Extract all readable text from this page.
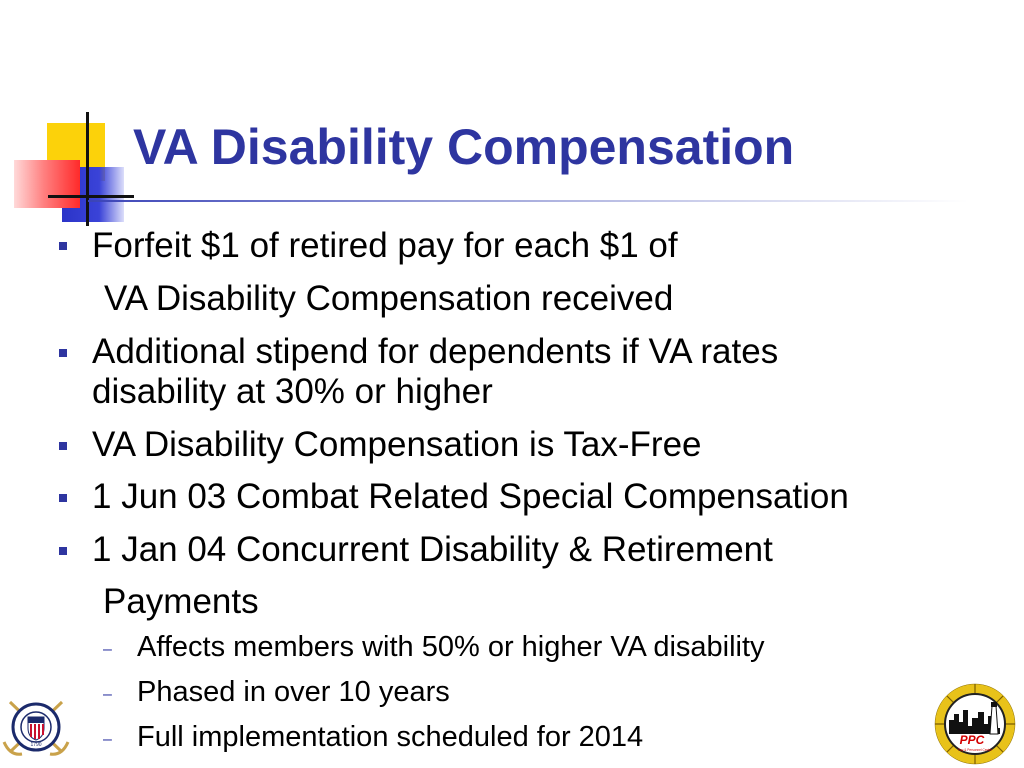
VA Disability Compensation
Forfeit $1 of retired pay for each $1 of
VA Disability Compensation received
Additional stipend for dependents if VA rates
disability at 30% or higher
VA Disability Compensation is Tax-Free
1 Jun 03 Combat Related Special Compensation
1 Jan 04 Concurrent Disability & Retirement
Payments
– Affects members with 50% or higher VA disability
– Phased in over 10 years
– Full implementation scheduled for 2014
1790	PPC
Pay & Personnel Center
